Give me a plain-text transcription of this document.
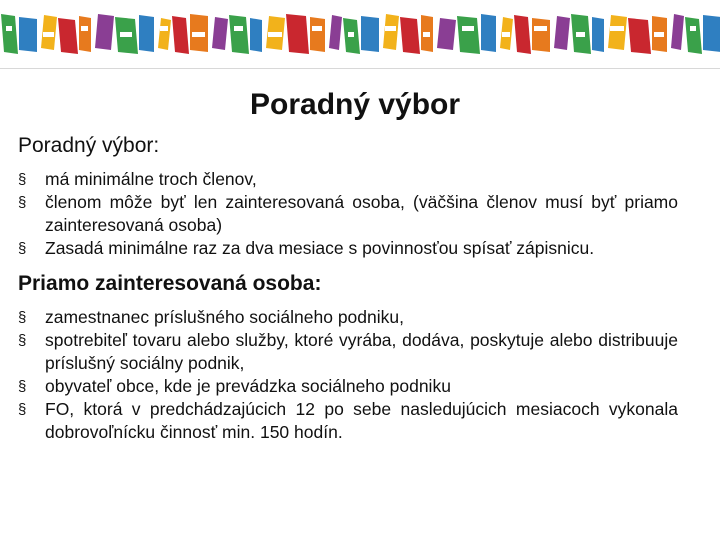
Poradný výbor
Poradný výbor:
§	má minimálne troch členov,
§	členom môže byť len zainteresovaná osoba, (väčšina členov musí byť priamo zainteresovaná osoba)
§	Zasadá minimálne raz za dva mesiace s povinnosťou spísať zápisnicu.
Priamo zainteresovaná osoba:
§	zamestnanec príslušného sociálneho podniku,
§	spotrebiteľ tovaru alebo služby, ktoré vyrába, dodáva, poskytuje alebo distribuuje príslušný sociálny podnik,
§	obyvateľ obce, kde je prevádzka sociálneho podniku
§	FO, ktorá v predchádzajúcich 12 po sebe nasledujúcich mesiacoch vykonala dobrovoľnícku činnosť min. 150 hodín.
